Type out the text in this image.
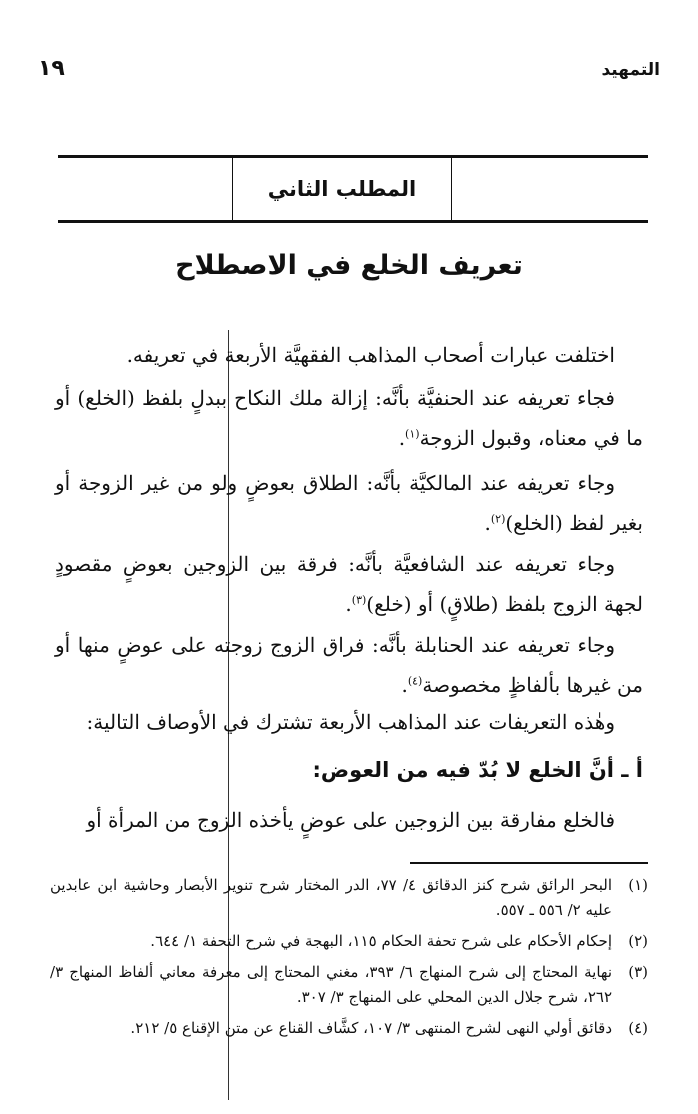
التمهيد
١٩
المطلب الثاني
تعريف الخلع في الاصطلاح
اختلفت عبارات أصحاب المذاهب الفقهيَّة الأربعة في تعريفه.
فجاء تعريفه عند الحنفيَّة بأنَّه: إزالة ملك النكاح ببدلٍ بلفظ (الخلع) أو ما في معناه، وقبول الزوجة$^{(١)}$.
وجاء تعريفه عند المالكيَّة بأنَّه: الطلاق بعوضٍ ولو من غير الزوجة أو بغير لفظ (الخلع)$^{(٢)}$.
وجاء تعريفه عند الشافعيَّة بأنَّه: فرقة بين الزوجين بعوضٍ مقصودٍ لجهة الزوج بلفظ (طلاقٍ) أو (خلع)$^{(٣)}$.
وجاء تعريفه عند الحنابلة بأنَّه: فراق الزوج زوجته على عوضٍ منها أو من غيرها بألفاظٍ مخصوصة$^{(٤)}$.
وهٰذه التعريفات عند المذاهب الأربعة تشترك في الأوصاف التالية:
أ ـ أنَّ الخلع لا بُدّ فيه من العوض:
فالخلع مفارقة بين الزوجين على عوضٍ يأخذه الزوج من المرأة أو
(١)
البحر الرائق شرح كنز الدقائق ٤/ ٧٧، الدر المختار شرح تنوير الأبصار وحاشية ابن عابدين عليه ٢/ ٥٥٦ ـ ٥٥٧.
(٢)
إحكام الأحكام على شرح تحفة الحكام ١١٥، البهجة في شرح التحفة ١/ ٦٤٤.
(٣)
نهاية المحتاج إلى شرح المنهاج ٦/ ٣٩٣، مغني المحتاج إلى معرفة معاني ألفاظ المنهاج ٣/ ٢٦٢، شرح جلال الدين المحلي على المنهاج ٣/ ٣٠٧.
(٤)
دقائق أولي النهى لشرح المنتهى ٣/ ١٠٧، كشَّاف القناع عن متن الإقناع ٥/ ٢١٢.
